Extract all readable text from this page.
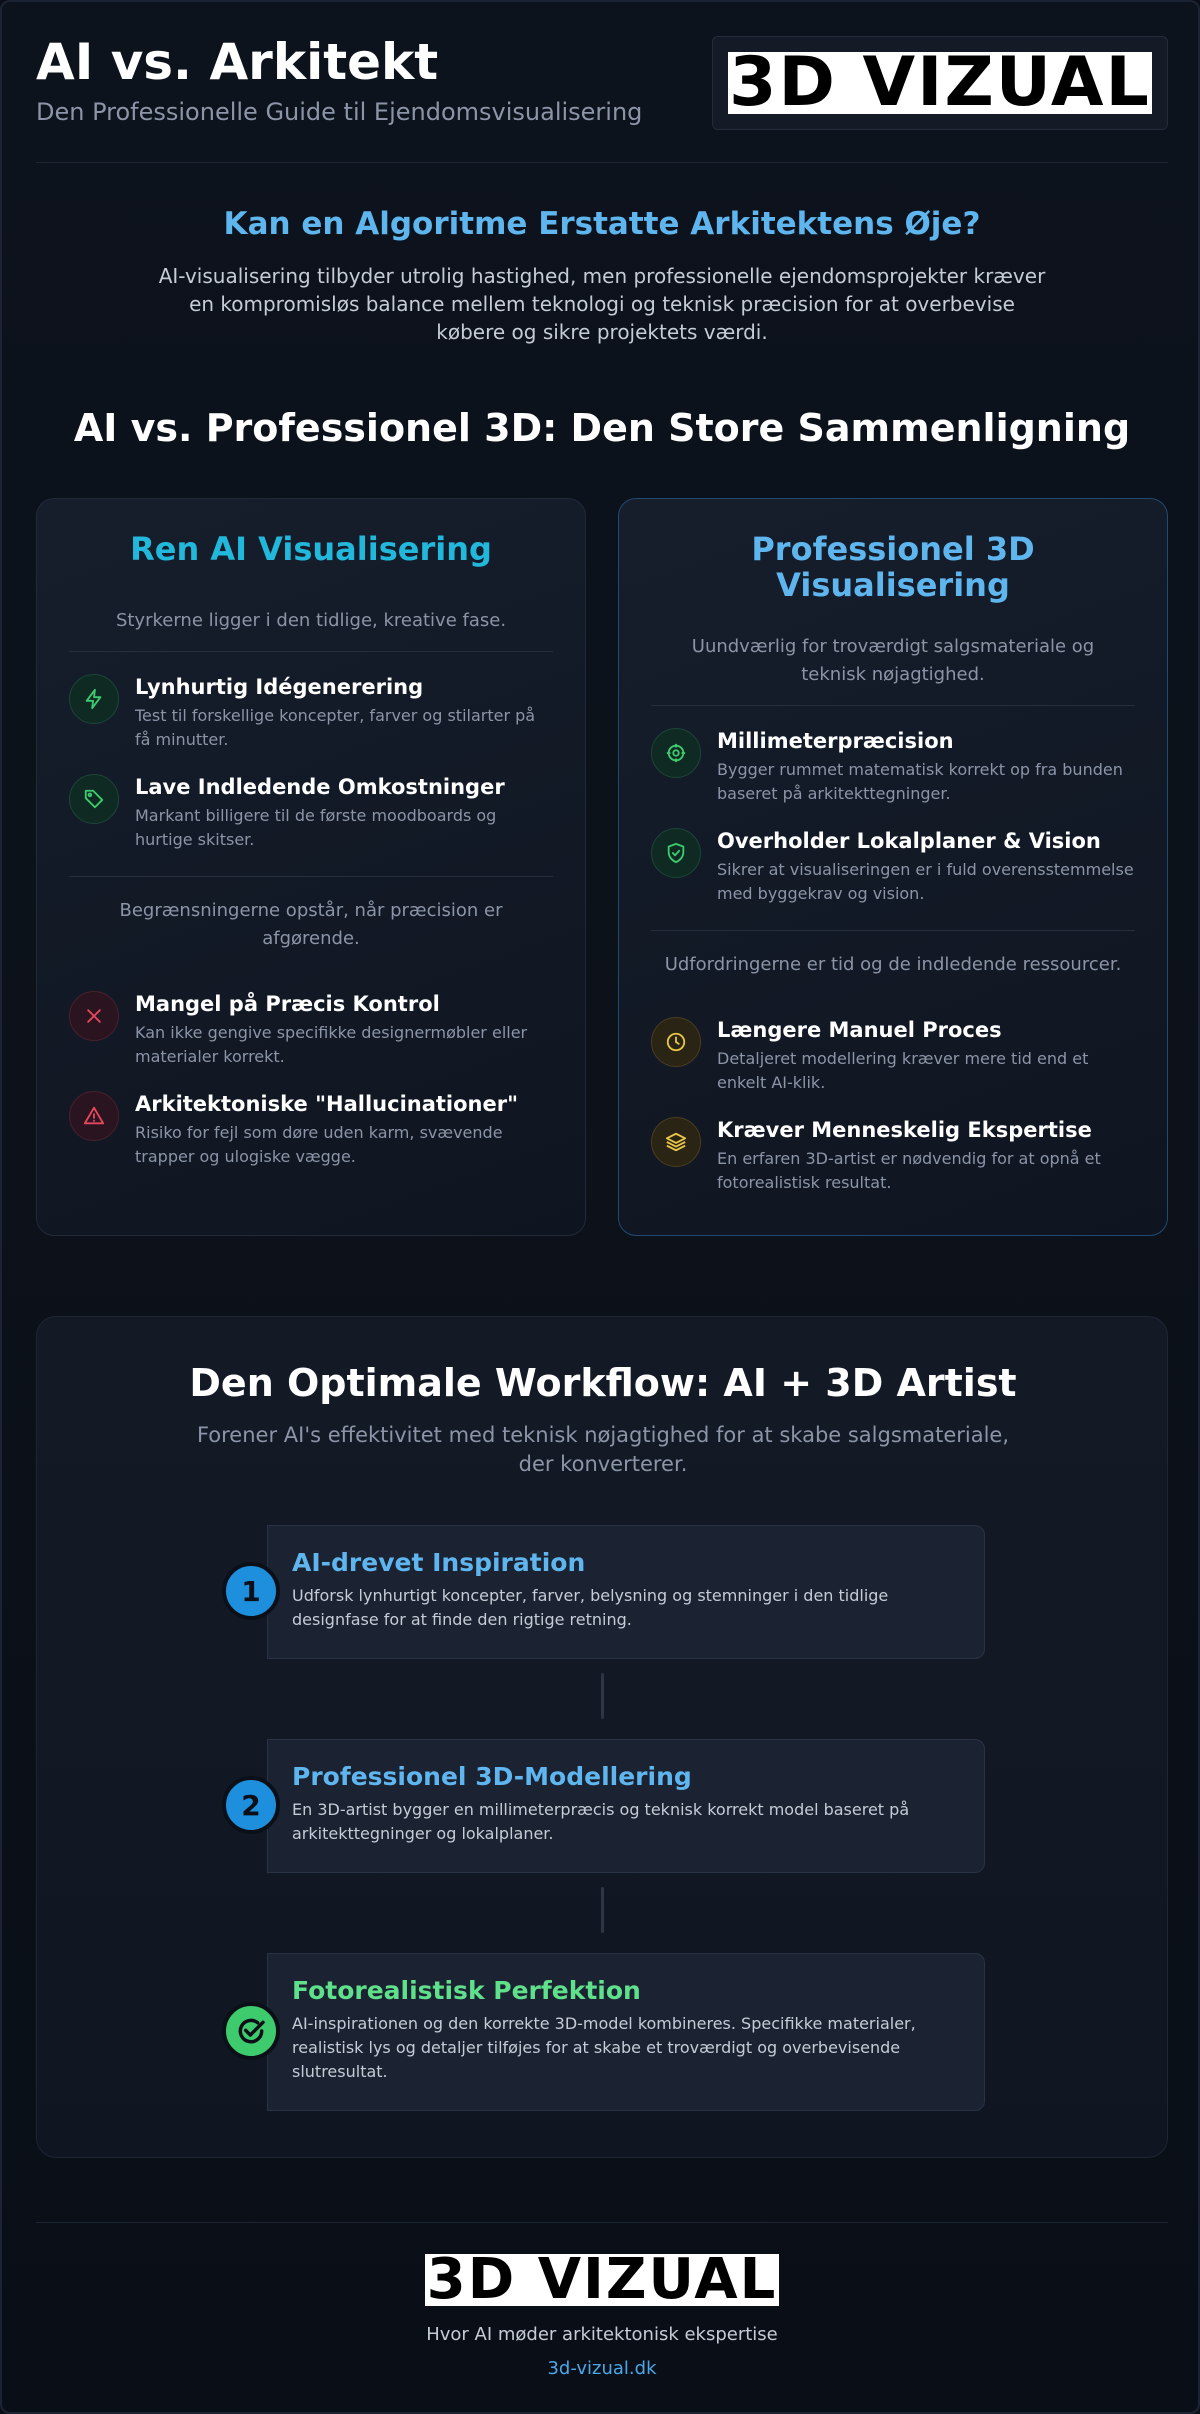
AI vs. Arkitekt
Den Professionelle Guide til Ejendomsvisualisering	3D VIZUAL
Kan en Algoritme Erstatte Arkitektens Øje?

AI-visualisering tilbyder utrolig hastighed, men professionelle ejendomsprojekter kræver en kompromisløs balance mellem teknologi og teknisk præcision for at overbevise købere og sikre projektets værdi.

AI vs. Professionel 3D: Den Store Sammenligning
Ren AI Visualisering
Styrkerne ligger i den tidlige, kreative fase.
Lynhurtig Idégenerering
Test til forskellige koncepter, farver og stilarter på få minutter.
Lave Indledende Omkostninger
Markant billigere til de første moodboards og hurtige skitser.
Begrænsningerne opstår, når præcision er afgørende.
Mangel på Præcis Kontrol
Kan ikke gengive specifikke designermøbler eller materialer korrekt.
Arkitektoniske "Hallucinationer"
Risiko for fejl som døre uden karm, svævende trapper og ulogiske vægge.
Professionel 3D Visualisering
Uundværlig for troværdigt salgsmateriale og teknisk nøjagtighed.
Millimeterpræcision
Bygger rummet matematisk korrekt op fra bunden baseret på arkitekttegninger.
Overholder Lokalplaner & Vision
Sikrer at visualiseringen er i fuld overensstemmelse med byggekrav og vision.
Udfordringerne er tid og de indledende ressourcer.
Længere Manuel Proces
Detaljeret modellering kræver mere tid end et enkelt AI-klik.
Kræver Menneskelig Ekspertise
En erfaren 3D-artist er nødvendig for at opnå et fotorealistisk resultat.
Den Optimale Workflow: AI + 3D Artist

Forener AI's effektivitet med teknisk nøjagtighed for at skabe salgsmateriale, der konverterer.

1
AI-drevet Inspiration
Udforsk lynhurtigt koncepter, farver, belysning og stemninger i den tidlige designfase for at finde den rigtige retning.
2
Professionel 3D-Modellering
En 3D-artist bygger en millimeterpræcis og teknisk korrekt model baseret på arkitekttegninger og lokalplaner.
Fotorealistisk Perfektion
AI-inspirationen og den korrekte 3D-model kombineres. Specifikke materialer, realistisk lys og detaljer tilføjes for at skabe et troværdigt og overbevisende slutresultat.
3D VIZUAL
Hvor AI møder arkitektonisk ekspertise
3d-vizual.dk
